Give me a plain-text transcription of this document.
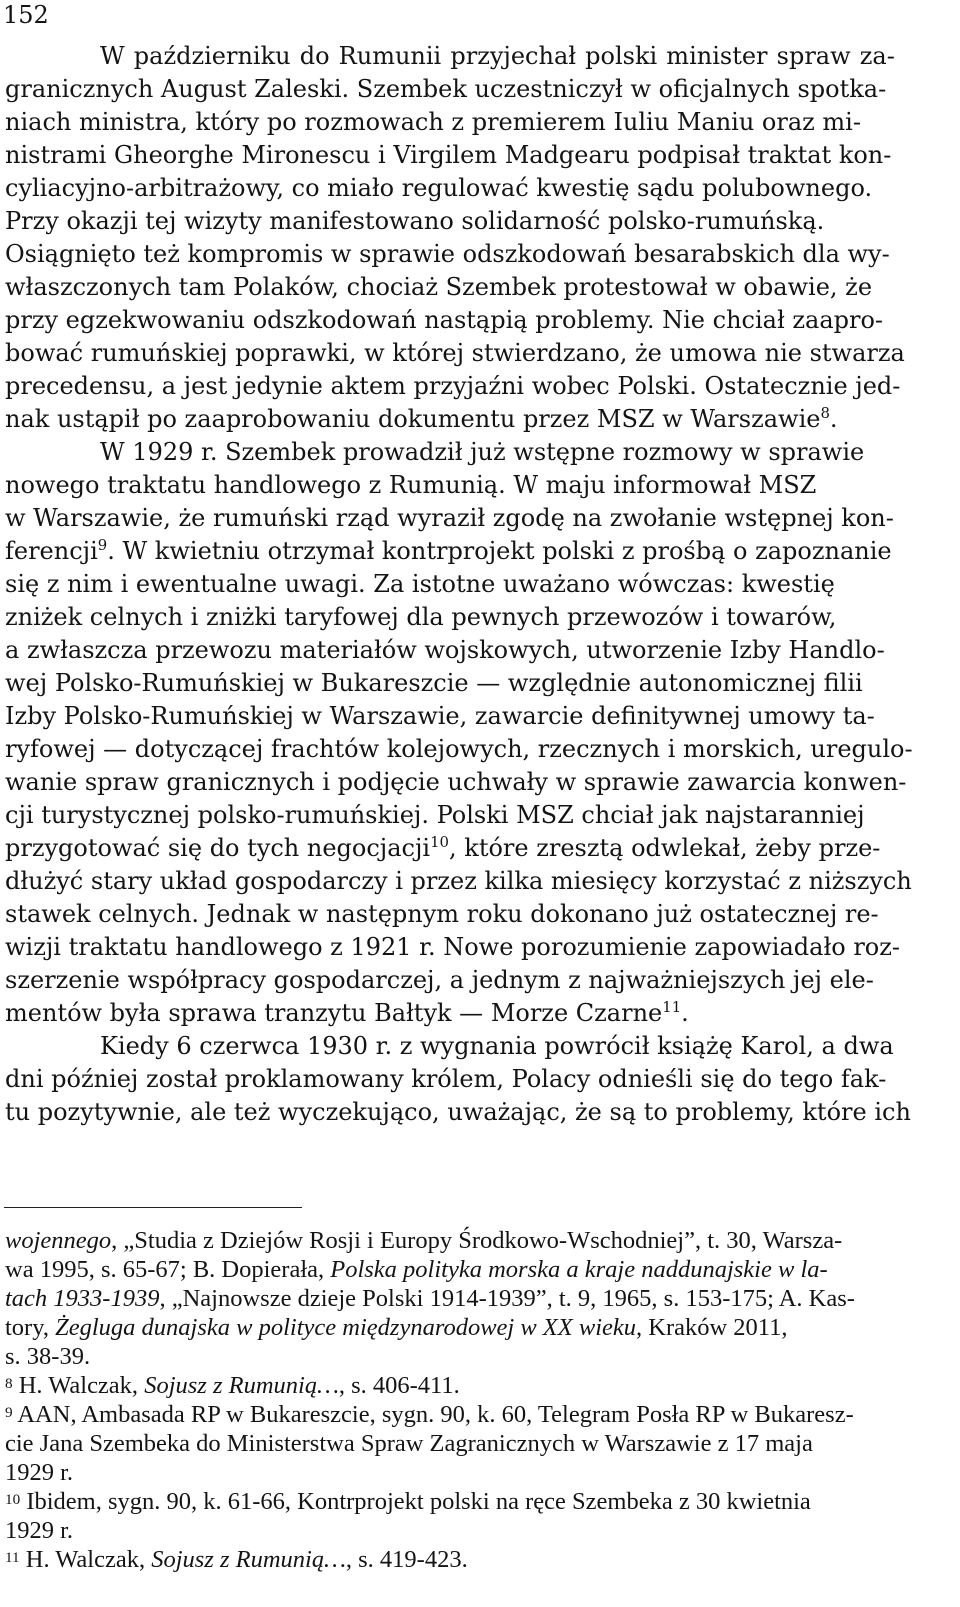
152
W październiku do Rumunii przyjechał polski minister spraw za-
granicznych August Zaleski. Szembek uczestniczył w oficjalnych spotka-
niach ministra, który po rozmowach z premierem Iuliu Maniu oraz mi-
nistrami Gheorghe Mironescu i Virgilem Madgearu podpisał traktat kon-
cyliacyjno-arbitrażowy, co miało regulować kwestię sądu polubownego.
Przy okazji tej wizyty manifestowano solidarność polsko-rumuńską.
Osiągnięto też kompromis w sprawie odszkodowań besarabskich dla wy-
właszczonych tam Polaków, chociaż Szembek protestował w obawie, że
przy egzekwowaniu odszkodowań nastąpią problemy. Nie chciał zaapro-
bować rumuńskiej poprawki, w której stwierdzano, że umowa nie stwarza
precedensu, a jest jedynie aktem przyjaźni wobec Polski. Ostatecznie jed-
nak ustąpił po zaaprobowaniu dokumentu przez MSZ w Warszawie$^8$.
W 1929 r. Szembek prowadził już wstępne rozmowy w sprawie
nowego traktatu handlowego z Rumunią. W maju informował MSZ
w Warszawie, że rumuński rząd wyraził zgodę na zwołanie wstępnej kon-
ferencji$^9$. W kwietniu otrzymał kontrprojekt polski z prośbą o zapoznanie
się z nim i ewentualne uwagi. Za istotne uważano wówczas: kwestię
zniżek celnych i zniżki taryfowej dla pewnych przewozów i towarów,
a zwłaszcza przewozu materiałów wojskowych, utworzenie Izby Handlo-
wej Polsko-Rumuńskiej w Bukareszcie — względnie autonomicznej filii
Izby Polsko-Rumuńskiej w Warszawie, zawarcie definitywnej umowy ta-
ryfowej — dotyczącej frachtów kolejowych, rzecznych i morskich, uregulo-
wanie spraw granicznych i podjęcie uchwały w sprawie zawarcia konwen-
cji turystycznej polsko-rumuńskiej. Polski MSZ chciał jak najstaranniej
przygotować się do tych negocjacji$^{10}$, które zresztą odwlekał, żeby prze-
dłużyć stary układ gospodarczy i przez kilka miesięcy korzystać z niższych
stawek celnych. Jednak w następnym roku dokonano już ostatecznej re-
wizji traktatu handlowego z 1921 r. Nowe porozumienie zapowiadało roz-
szerzenie współpracy gospodarczej, a jednym z najważniejszych jej ele-
mentów była sprawa tranzytu Bałtyk — Morze Czarne$^{11}$.
Kiedy 6 czerwca 1930 r. z wygnania powrócił książę Karol, a dwa
dni później został proklamowany królem, Polacy odnieśli się do tego fak-
tu pozytywnie, ale też wyczekująco, uważając, że są to problemy, które ich
wojennego, „Studia z Dziejów Rosji i Europy Środkowo-Wschodniej”, t. 30, Warsza-
wa 1995, s. 65-67; B. Dopierała, Polska polityka morska a kraje naddunajskie w la-
tach 1933-1939, „Najnowsze dzieje Polski 1914-1939”, t. 9, 1965, s. 153-175; A. Kas-
tory, Żegluga dunajska w polityce międzynarodowej w XX wieku, Kraków 2011,
s. 38-39.
$^8$ H. Walczak, Sojusz z Rumunią…, s. 406-411.
$^9$ AAN, Ambasada RP w Bukareszcie, sygn. 90, k. 60, Telegram Posła RP w Bukaresz-
cie Jana Szembeka do Ministerstwa Spraw Zagranicznych w Warszawie z 17 maja
1929 r.
$^{10}$ Ibidem, sygn. 90, k. 61-66, Kontrprojekt polski na ręce Szembeka z 30 kwietnia
1929 r.
$^{11}$ H. Walczak, Sojusz z Rumunią…, s. 419-423.
